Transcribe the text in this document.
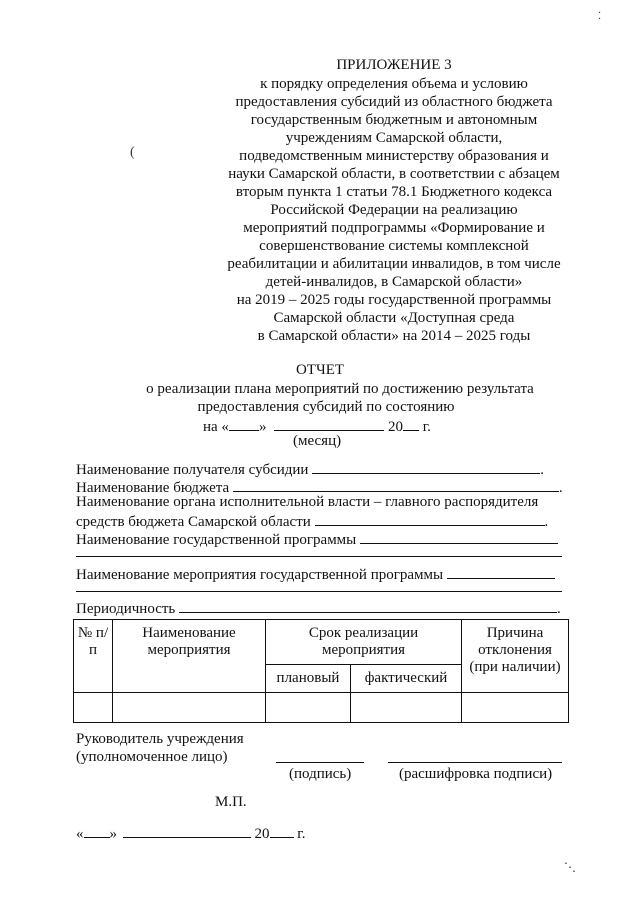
ПРИЛОЖЕНИЕ 3
к порядку определения объема и условию
предоставления субсидий из областного бюджета
государственным бюджетным и автономным
учреждениям Самарской области,
подведомственным министерству образования и
науки Самарской области, в соответствии с абзацем
вторым пункта 1 статьи 78.1 Бюджетного кодекса
Российской Федерации на реализацию
мероприятий подпрограммы «Формирование и
совершенствование системы комплексной
реабилитации и абилитации инвалидов, в том числе
детей-инвалидов, в Самарской области»
на 2019 – 2025 годы государственной программы
Самарской области «Доступная среда
в Самарской области» на 2014 – 2025 годы
(
ОТЧЕТ
о реализации плана мероприятий по достижению результата
предоставления субсидий по состоянию
на « »	20 г.
(месяц)
Наименование получателя субсидии	.
Наименование бюджета	.
Наименование органа исполнительной власти – главного распорядителя
средств бюджета Самарской области	.
Наименование государственной программы
Наименование мероприятия государственной программы
Периодичность	.
№ п/п	Наименование мероприятия	Срок реализации мероприятия		Причина отклонения (при наличии)
		плановый	фактический	

Руководитель учреждения
(уполномоченное лицо)
(подпись)	(расшифровка подписи)
М.П.
« »	20 г.
⁚
⋱
